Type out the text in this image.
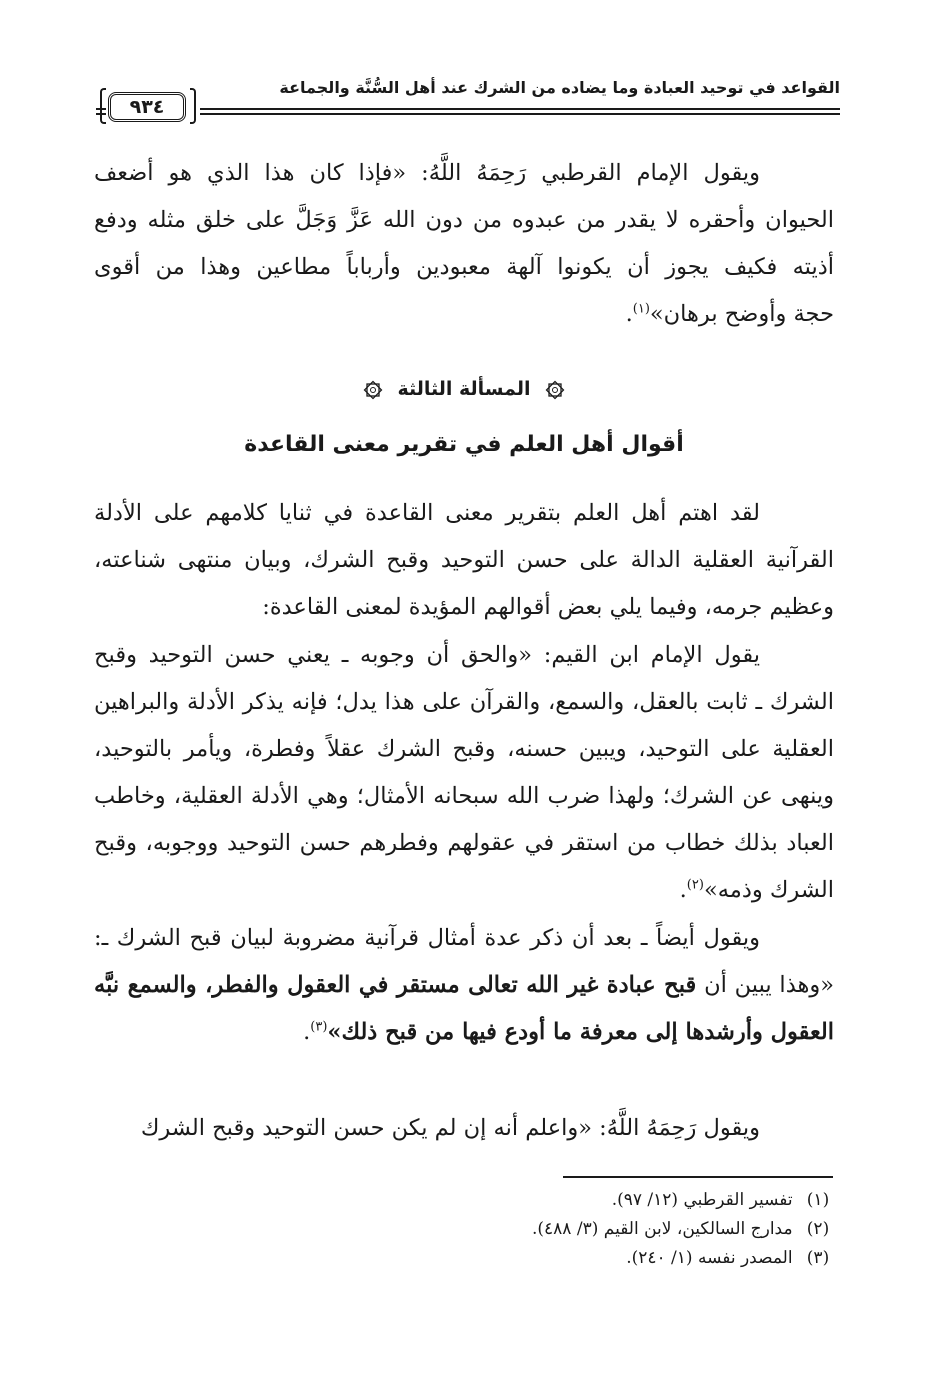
القواعد في توحيد العبادة وما يضاده من الشرك عند أهل السُّنَّة والجماعة
٩٣٤
ويقول الإمام القرطبي رَحِمَهُ اللَّهُ: «فإذا كان هذا الذي هو أضعف
الحيوان وأحقره لا يقدر من عبدوه من دون الله عَزَّ وَجَلَّ على خلق مثله ودفع
أذيته فكيف يجوز أن يكونوا آلهة معبودين وأرباباً مطاعين وهذا من أقوى
حجة وأوضح برهان»$^{(١)}$.
المسألة الثالثة
أقوال أهل العلم في تقرير معنى القاعدة
لقد اهتم أهل العلم بتقرير معنى القاعدة في ثنايا كلامهم على الأدلة القرآنية العقلية الدالة على حسن التوحيد وقبح الشرك، وبيان منتهى شناعته، وعظيم جرمه، وفيما يلي بعض أقوالهم المؤيدة لمعنى القاعدة:
يقول الإمام ابن القيم: «والحق أن وجوبه ـ يعني حسن التوحيد وقبح الشرك ـ ثابت بالعقل، والسمع، والقرآن على هذا يدل؛ فإنه يذكر الأدلة والبراهين العقلية على التوحيد، ويبين حسنه، وقبح الشرك عقلاً وفطرة، ويأمر بالتوحيد، وينهى عن الشرك؛ ولهذا ضرب الله سبحانه الأمثال؛ وهي الأدلة العقلية، وخاطب العباد بذلك خطاب من استقر في عقولهم وفطرهم حسن التوحيد ووجوبه، وقبح الشرك وذمه»$^{(٢)}$.
ويقول أيضاً ـ بعد أن ذكر عدة أمثال قرآنية مضروبة لبيان قبح الشرك ـ: «وهذا يبين أن قبح عبادة غير الله تعالى مستقر في العقول والفطر، والسمع نبَّه العقول وأرشدها إلى معرفة ما أودع فيها من قبح ذلك»$^{(٣)}$.
ويقول رَحِمَهُ اللَّهُ: «واعلم أنه إن لم يكن حسن التوحيد وقبح الشرك
(١) تفسير القرطبي (١٢/ ٩٧).
(٢) مدارج السالكين، لابن القيم (٣/ ٤٨٨).
(٣) المصدر نفسه (١/ ٢٤٠).
